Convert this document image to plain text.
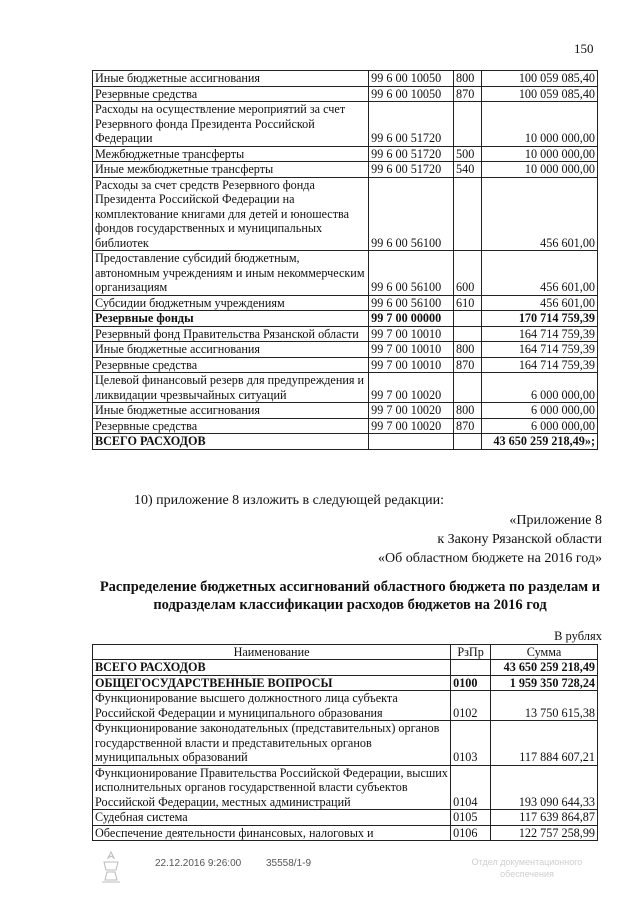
150
Иные бюджетные ассигнования	99 6 00 10050	800	100 059 085,40
Резервные средства	99 6 00 10050	870	100 059 085,40
Расходы на осуществление мероприятий за счет Резервного фонда Президента Российской Федерации	99 6 00 51720		10 000 000,00
Межбюджетные трансферты	99 6 00 51720	500	10 000 000,00
Иные межбюджетные трансферты	99 6 00 51720	540	10 000 000,00
Расходы за счет средств Резервного фонда Президента Российской Федерации на комплектование книгами для детей и юношества фондов государственных и муниципальных библиотек	99 6 00 56100		456 601,00
Предоставление субсидий бюджетным, автономным учреждениям и иным некоммерческим организациям	99 6 00 56100	600	456 601,00
Субсидии бюджетным учреждениям	99 6 00 56100	610	456 601,00
Резервные фонды	99 7 00 00000		170 714 759,39
Резервный фонд Правительства Рязанской области	99 7 00 10010		164 714 759,39
Иные бюджетные ассигнования	99 7 00 10010	800	164 714 759,39
Резервные средства	99 7 00 10010	870	164 714 759,39
Целевой финансовый резерв для предупреждения и ликвидации чрезвычайных ситуаций	99 7 00 10020		6 000 000,00
Иные бюджетные ассигнования	99 7 00 10020	800	6 000 000,00
Резервные средства	99 7 00 10020	870	6 000 000,00
ВСЕГО РАСХОДОВ			43 650 259 218,49»;
10) приложение 8 изложить в следующей редакции:
«Приложение 8
к Закону Рязанской области
«Об областном бюджете на 2016 год»
Распределение бюджетных ассигнований областного бюджета по разделам и подразделам классификации расходов бюджетов на 2016 год
В рублях
Наименование	РзПр	Сумма
ВСЕГО РАСХОДОВ		43 650 259 218,49
ОБЩЕГОСУДАРСТВЕННЫЕ ВОПРОСЫ	0100	1 959 350 728,24
Функционирование высшего должностного лица субъекта Российской Федерации и муниципального образования	0102	13 750 615,38
Функционирование законодательных (представительных) органов государственной власти и представительных органов муниципальных образований	0103	117 884 607,21
Функционирование Правительства Российской Федерации, высших исполнительных органов государственной власти субъектов Российской Федерации, местных администраций	0104	193 090 644,33
Судебная система	0105	117 639 864,87
Обеспечение деятельности финансовых, налоговых и	0106	122 757 258,99
22.12.2016 9:26:00 35558/1-9	Отдел документационного
обеспечения
